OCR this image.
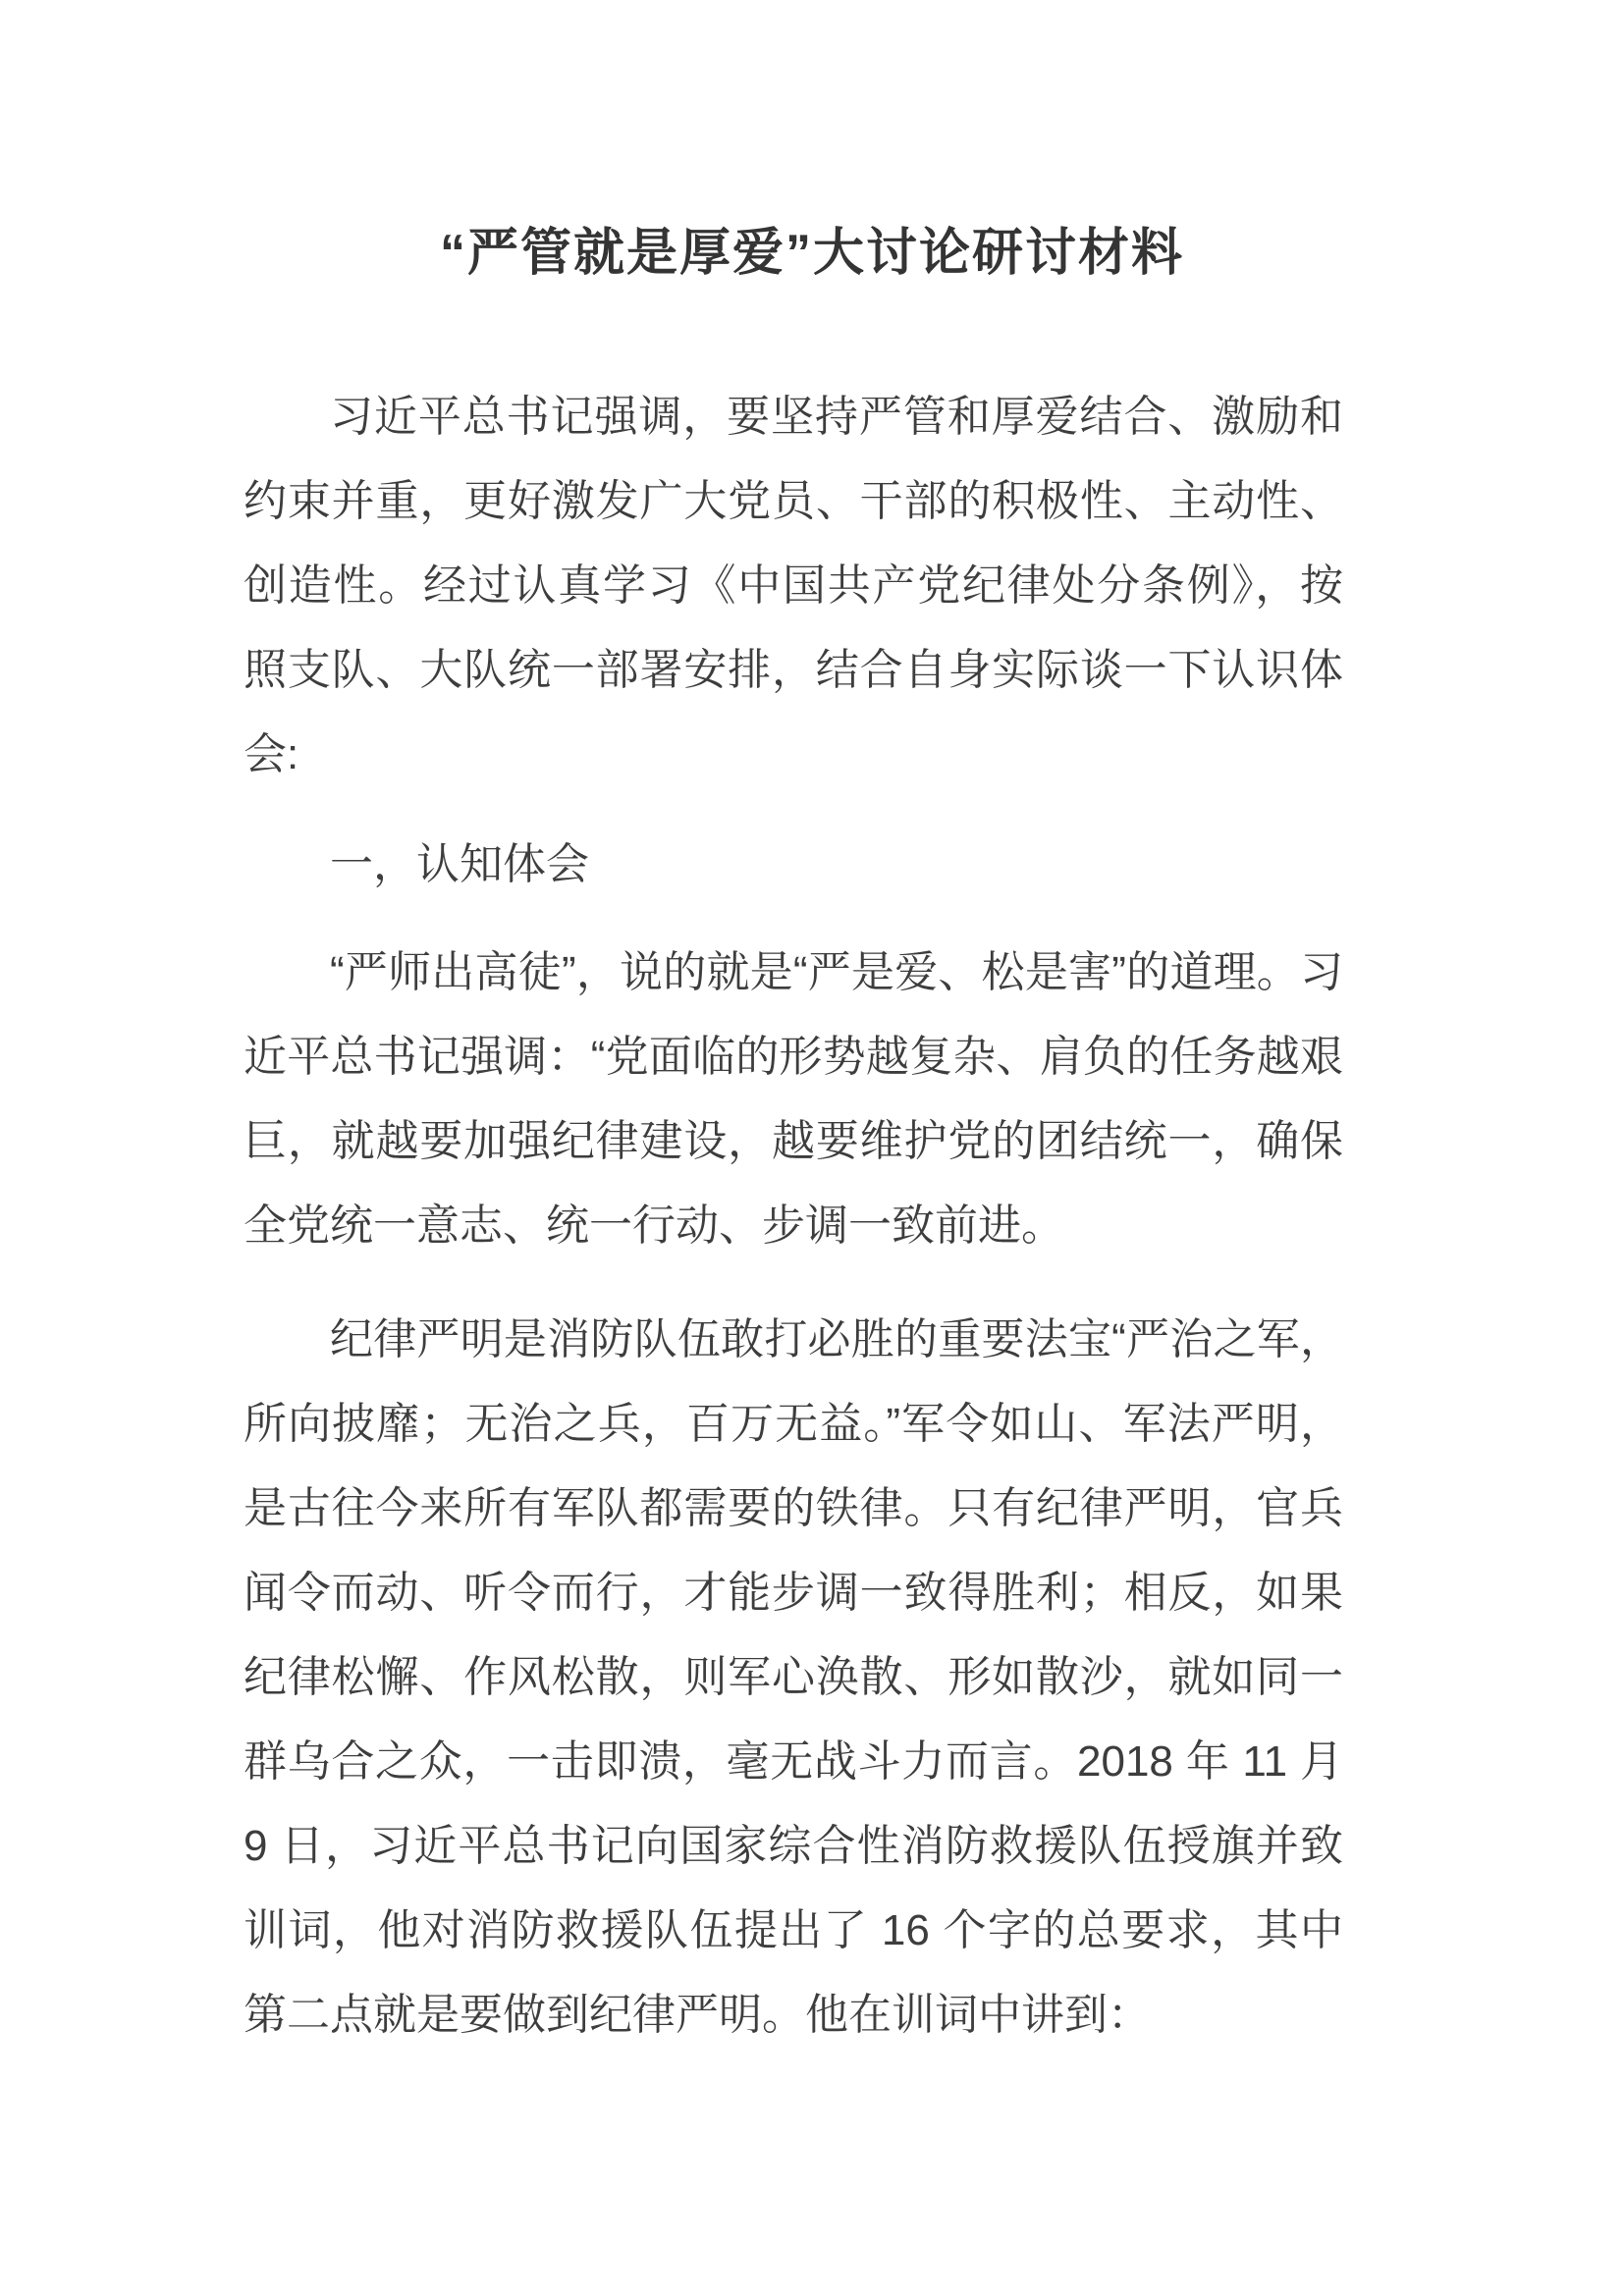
“严管就是厚爱”大讨论研讨材料

习近平总书记强调，要坚持严管和厚爱结合、激励和约束并重，更好激发广大党员、干部的积极性、主动性、创造性。经过认真学习《中国共产党纪律处分条例》，按照支队、大队统一部署安排，结合自身实际谈一下认识体会:

一，认知体会

“严师出高徒”，说的就是“严是爱、松是害”的道理。习近平总书记强调：“党面临的形势越复杂、肩负的任务越艰巨，就越要加强纪律建设，越要维护党的团结统一，确保全党统一意志、统一行动、步调一致前进。

纪律严明是消防队伍敢打必胜的重要法宝“严治之军，所向披靡；无治之兵，百万无益。”军令如山、军法严明，是古往今来所有军队都需要的铁律。只有纪律严明，官兵闻令而动、听令而行，才能步调一致得胜利；相反，如果纪律松懈、作风松散，则军心涣散、形如散沙，就如同一群乌合之众，一击即溃，毫无战斗力而言。2018 年 11 月 9 日，习近平总书记向国家综合性消防救援队伍授旗并致训词，他对消防救援队伍提出了 16 个字的总要求，其中第二点就是要做到纪律严明。他在训词中讲到：
